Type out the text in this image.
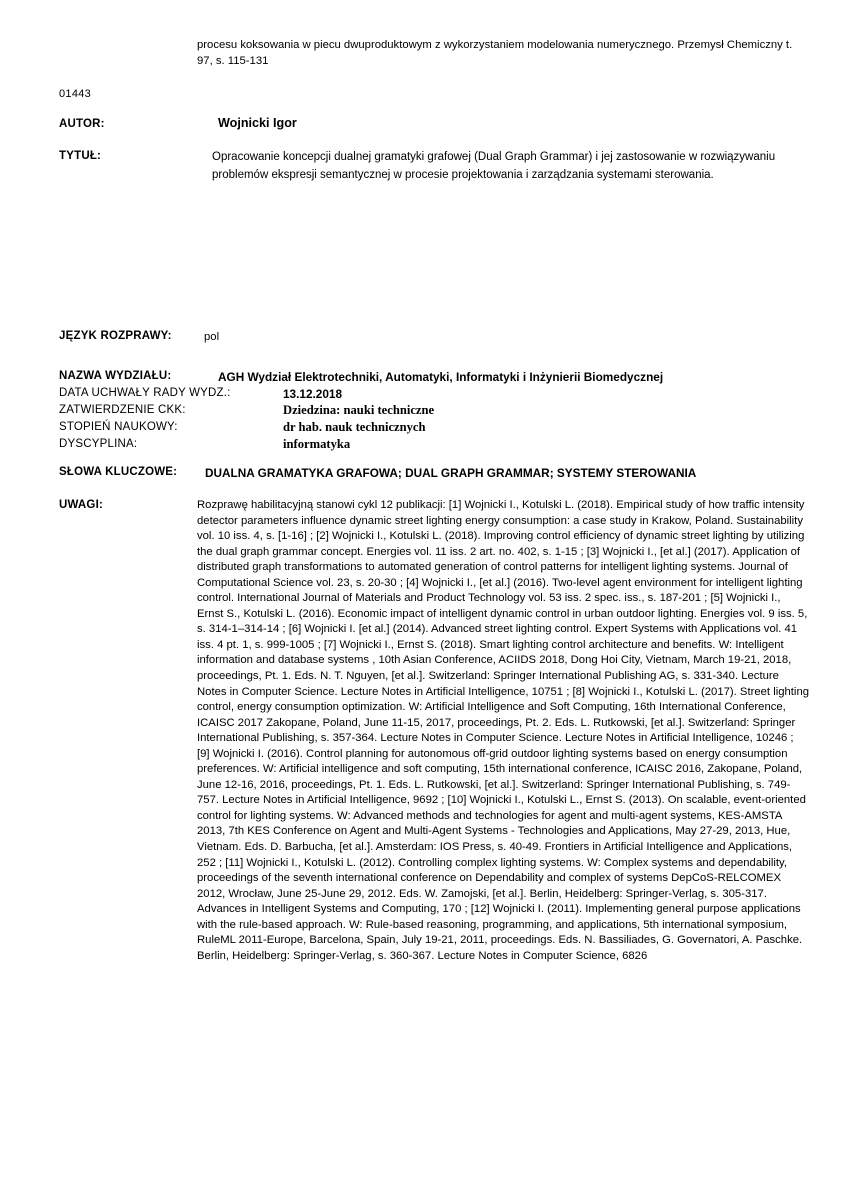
procesu koksowania w piecu dwuproduktowym z wykorzystaniem modelowania numerycznego. Przemysł Chemiczny t. 97, s. 115-131
01443
AUTOR:	Wojnicki Igor
TYTUŁ:	Opracowanie koncepcji dualnej gramatyki grafowej (Dual Graph Grammar) i jej zastosowanie w rozwiązywaniu problemów ekspresji semantycznej w procesie projektowania i zarządzania systemami sterowania.
JĘZYK ROZPRAWY:	pol
NAZWA WYDZIAŁU:	AGH Wydział Elektrotechniki, Automatyki, Informatyki i Inżynierii Biomedycznej
DATA UCHWAŁY RADY WYDZ.:	13.12.2018
ZATWIERDZENIE CKK:	Dziedzina: nauki techniczne
STOPIEŃ NAUKOWY:	dr hab. nauk technicznych
DYSCYPLINA:	informatyka
SŁOWA KLUCZOWE: DUALNA GRAMATYKA GRAFOWA; DUAL GRAPH GRAMMAR; SYSTEMY STEROWANIA
UWAGI:	Rozprawę habilitacyjną stanowi cykl 12 publikacji: [1] Wojnicki I., Kotulski L. (2018). Empirical study of how traffic intensity detector parameters influence dynamic street lighting energy consumption: a case study in Krakow, Poland. Sustainability vol. 10 iss. 4, s. [1-16] ; [2] Wojnicki I., Kotulski L. (2018). Improving control efficiency of dynamic street lighting by utilizing the dual graph grammar concept. Energies vol. 11 iss. 2 art. no. 402, s. 1-15 ; [3] Wojnicki I., [et al.] (2017). Application of distributed graph transformations to automated generation of control patterns for intelligent lighting systems. Journal of Computational Science vol. 23, s. 20-30 ; [4] Wojnicki I., [et al.] (2016). Two-level agent environment for intelligent lighting control. International Journal of Materials and Product Technology vol. 53 iss. 2 spec. iss., s. 187-201 ; [5] Wojnicki I., Ernst S., Kotulski L. (2016). Economic impact of intelligent dynamic control in urban outdoor lighting. Energies vol. 9 iss. 5, s. 314-1–314-14 ; [6] Wojnicki I. [et al.] (2014). Advanced street lighting control. Expert Systems with Applications vol. 41 iss. 4 pt. 1, s. 999-1005 ; [7] Wojnicki I., Ernst S. (2018). Smart lighting control architecture and benefits. W: Intelligent information and database systems , 10th Asian Conference, ACIIDS 2018, Dong Hoi City, Vietnam, March 19-21, 2018, proceedings, Pt. 1. Eds. N. T. Nguyen, [et al.]. Switzerland: Springer International Publishing AG, s. 331-340. Lecture Notes in Computer Science. Lecture Notes in Artificial Intelligence, 10751 ; [8] Wojnicki I., Kotulski L. (2017). Street lighting control, energy consumption optimization. W: Artificial Intelligence and Soft Computing, 16th International Conference, ICAISC 2017 Zakopane, Poland, June 11-15, 2017, proceedings, Pt. 2. Eds. L. Rutkowski, [et al.]. Switzerland: Springer International Publishing, s. 357-364. Lecture Notes in Computer Science. Lecture Notes in Artificial Intelligence, 10246 ; [9] Wojnicki I. (2016). Control planning for autonomous off-grid outdoor lighting systems based on energy consumption preferences. W: Artificial intelligence and soft computing, 15th international conference, ICAISC 2016, Zakopane, Poland, June 12-16, 2016, proceedings, Pt. 1. Eds. L. Rutkowski, [et al.]. Switzerland: Springer International Publishing, s. 749-757. Lecture Notes in Artificial Intelligence, 9692 ; [10] Wojnicki I., Kotulski L., Ernst S. (2013). On scalable, event-oriented control for lighting systems. W: Advanced methods and technologies for agent and multi-agent systems, KES-AMSTA 2013, 7th KES Conference on Agent and Multi-Agent Systems - Technologies and Applications, May 27-29, 2013, Hue, Vietnam. Eds. D. Barbucha, [et al.]. Amsterdam: IOS Press, s. 40-49. Frontiers in Artificial Intelligence and Applications, 252 ; [11] Wojnicki I., Kotulski L. (2012). Controlling complex lighting systems. W: Complex systems and dependability, proceedings of the seventh international conference on Dependability and complex of systems DepCoS-RELCOMEX 2012, Wrocław, June 25-June 29, 2012. Eds. W. Zamojski, [et al.]. Berlin, Heidelberg: Springer-Verlag, s. 305-317. Advances in Intelligent Systems and Computing, 170 ; [12] Wojnicki I. (2011). Implementing general purpose applications with the rule-based approach. W: Rule-based reasoning, programming, and applications, 5th international symposium, RuleML 2011-Europe, Barcelona, Spain, July 19-21, 2011, proceedings. Eds. N. Bassiliades, G. Governatori, A. Paschke. Berlin, Heidelberg: Springer-Verlag, s. 360-367. Lecture Notes in Computer Science, 6826
